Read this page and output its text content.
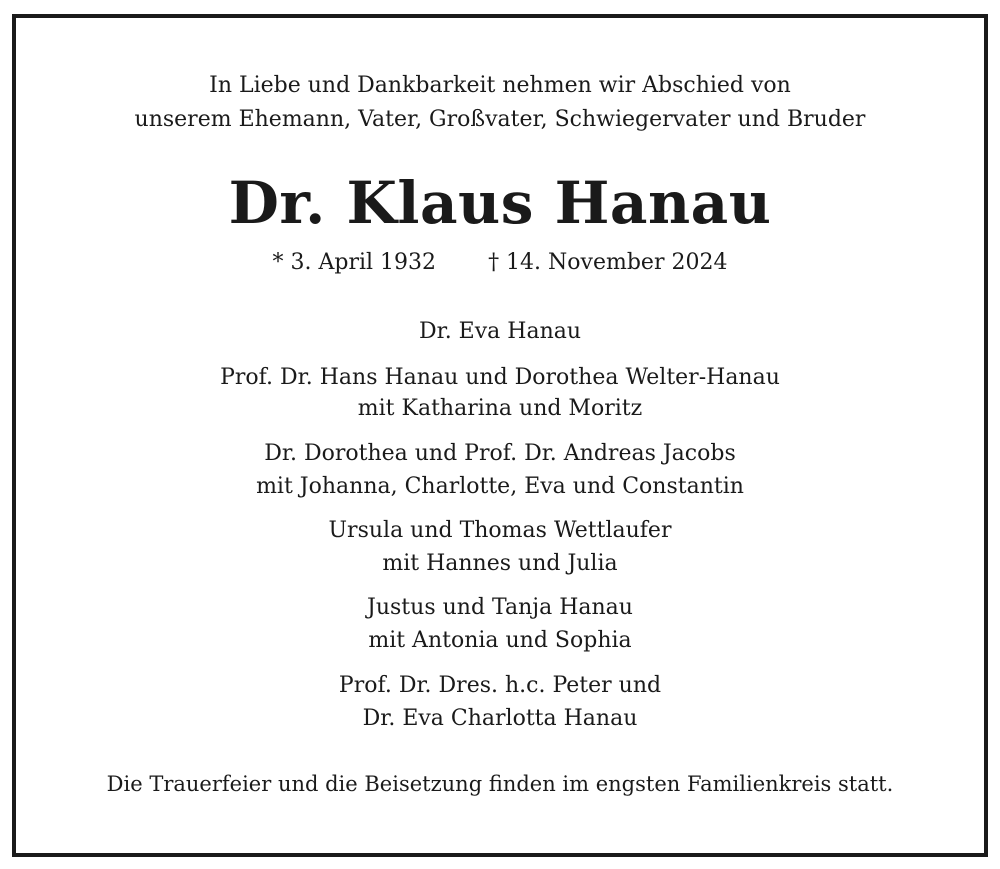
In Liebe und Dankbarkeit nehmen wir Abschied von
unserem Ehemann, Vater, Großvater, Schwiegervater und Bruder
Dr. Klaus Hanau
* 3. April 1932 † 14. November 2024
Dr. Eva Hanau
Prof. Dr. Hans Hanau und Dorothea Welter-Hanau
mit Katharina und Moritz
Dr. Dorothea und Prof. Dr. Andreas Jacobs
mit Johanna, Charlotte, Eva und Constantin
Ursula und Thomas Wettlaufer
mit Hannes und Julia
Justus und Tanja Hanau
mit Antonia und Sophia
Prof. Dr. Dres. h.c. Peter und
Dr. Eva Charlotta Hanau
Die Trauerfeier und die Beisetzung finden im engsten Familienkreis statt.
